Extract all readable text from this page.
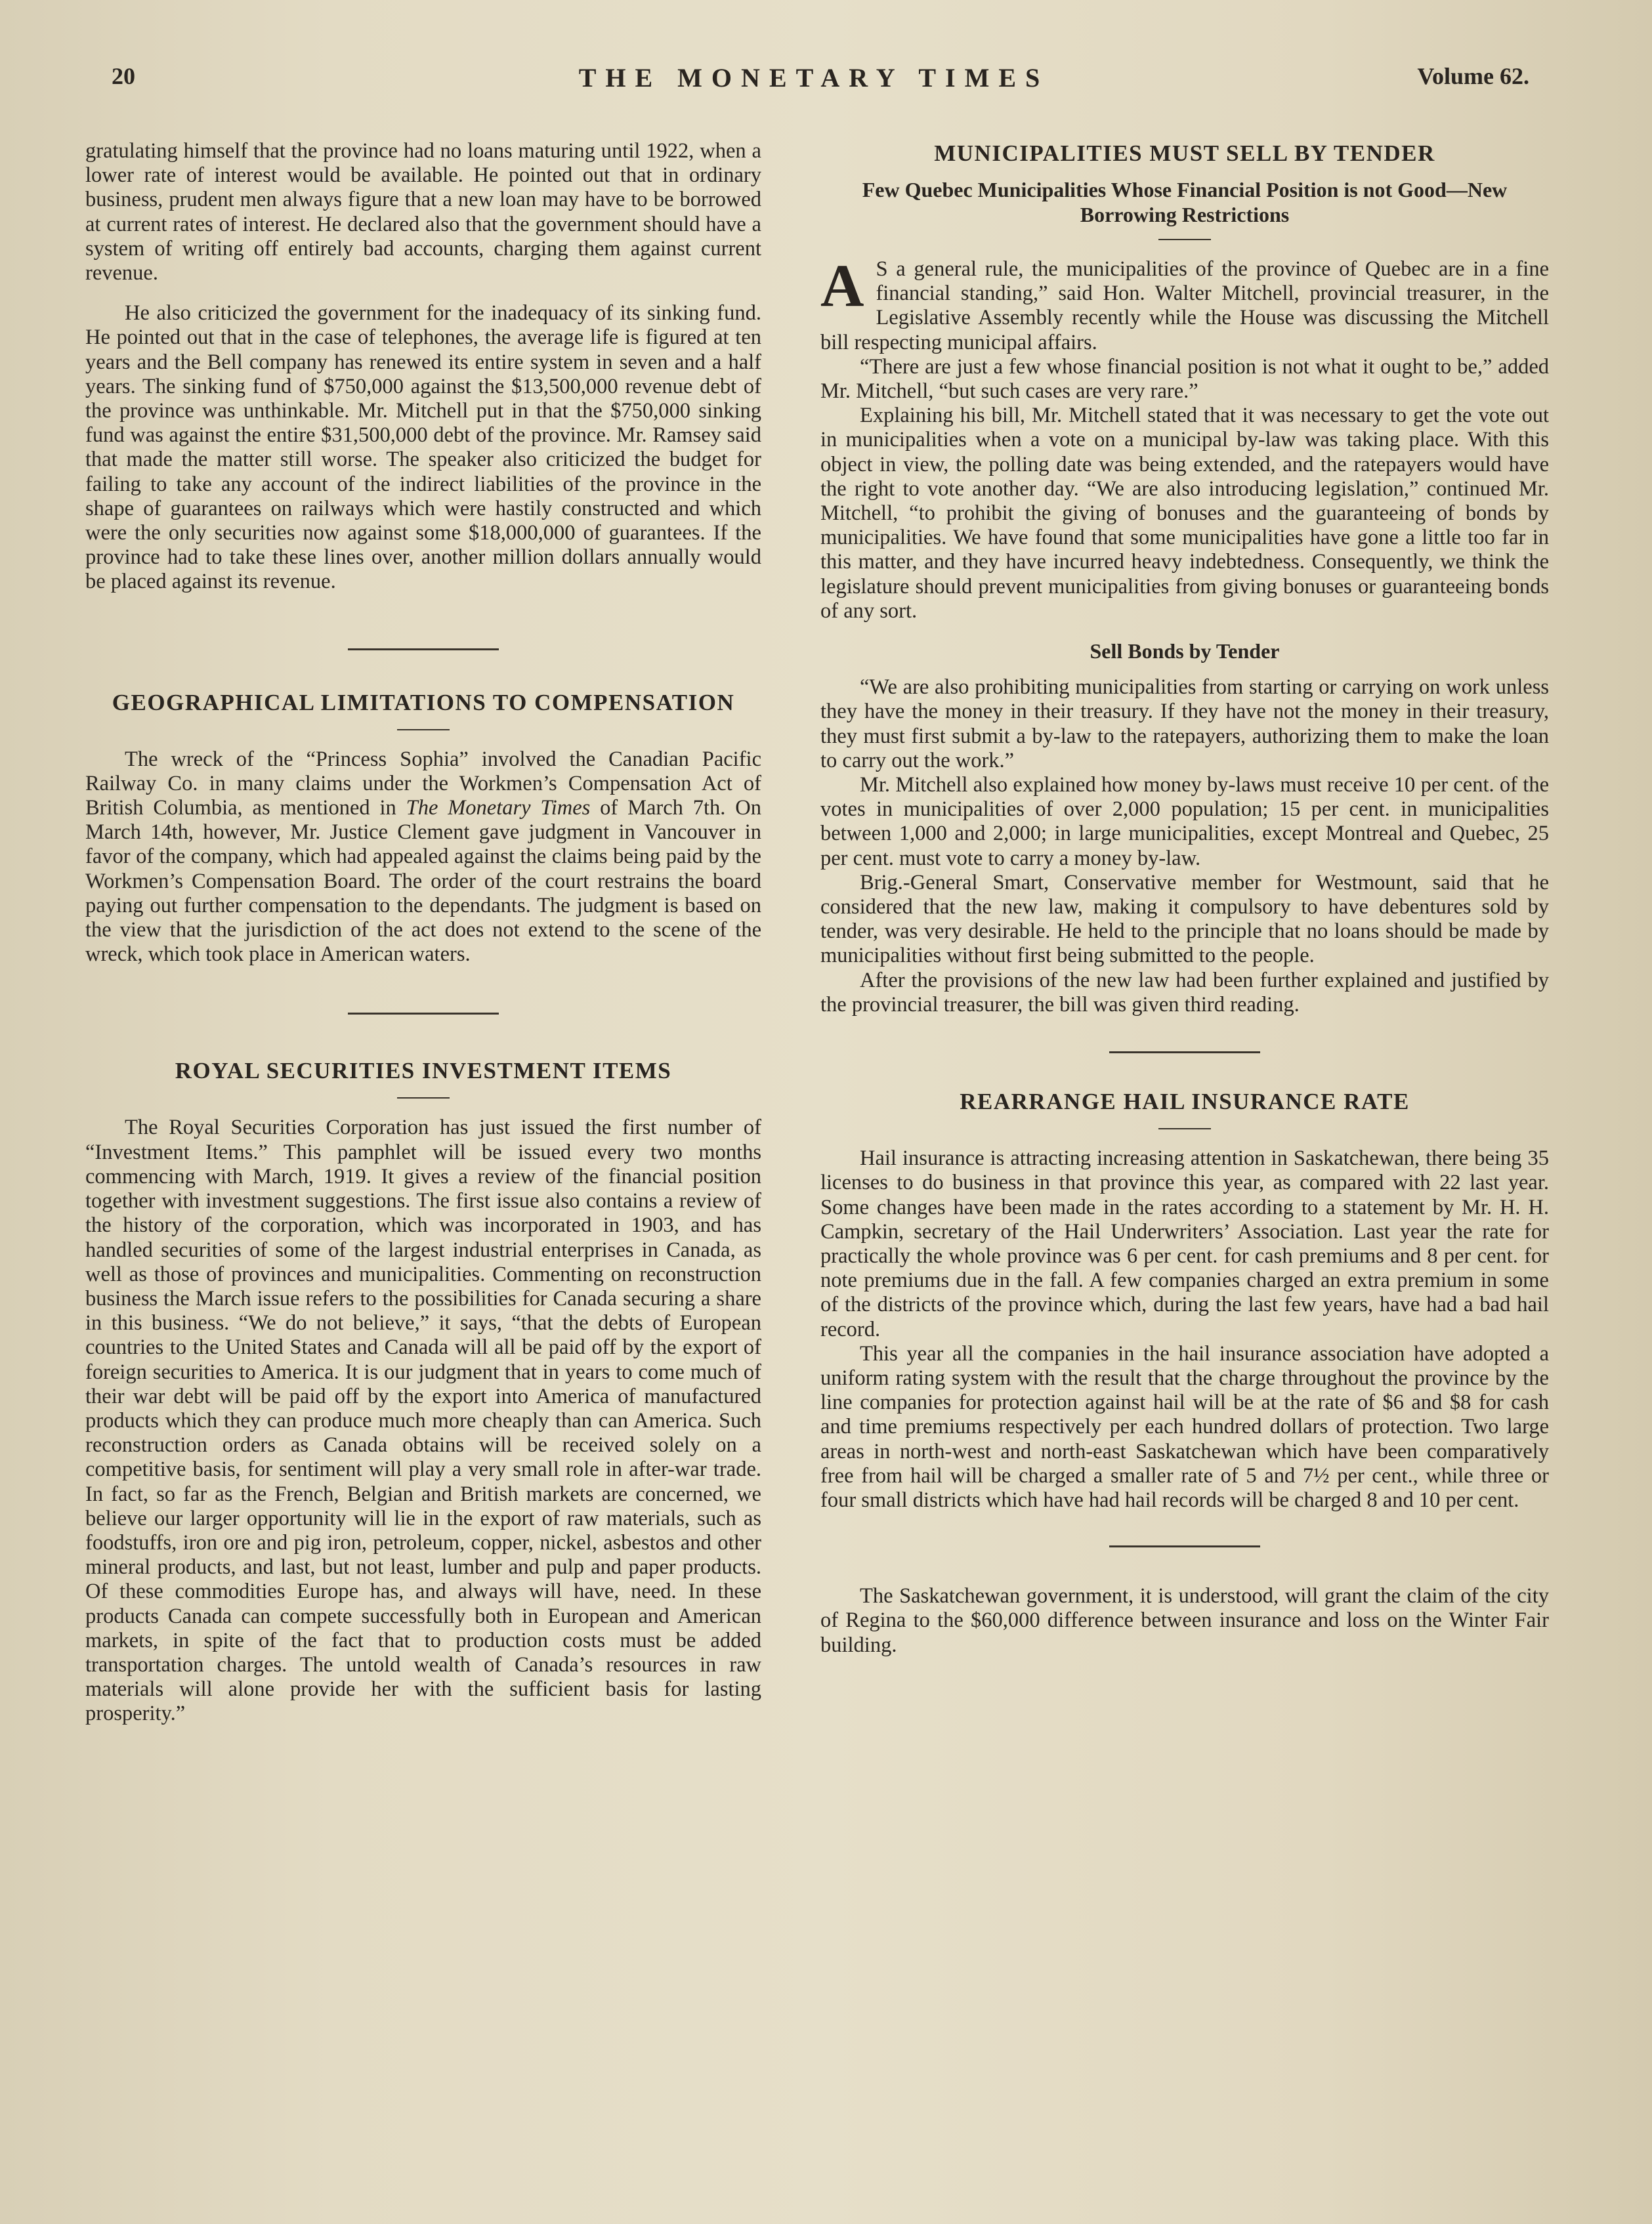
20	THE MONETARY TIMES	Volume 62.

gratulating himself that the province had no loans maturing until 1922, when a lower rate of interest would be available. He pointed out that in ordinary business, prudent men always figure that a new loan may have to be borrowed at current rates of interest. He declared also that the government should have a system of writing off entirely bad accounts, charging them against current revenue.

He also criticized the government for the inadequacy of its sinking fund. He pointed out that in the case of telephones, the average life is figured at ten years and the Bell company has renewed its entire system in seven and a half years. The sinking fund of $750,000 against the $13,500,000 revenue debt of the province was unthinkable. Mr. Mitchell put in that the $750,000 sinking fund was against the entire $31,500,000 debt of the province. Mr. Ramsey said that made the matter still worse. The speaker also criticized the budget for failing to take any account of the indirect liabilities of the province in the shape of guarantees on railways which were hastily constructed and which were the only securities now against some $18,000,000 of guarantees. If the province had to take these lines over, another million dollars annually would be placed against its revenue.

GEOGRAPHICAL LIMITATIONS TO COMPENSATION

The wreck of the “Princess Sophia” involved the Canadian Pacific Railway Co. in many claims under the Workmen’s Compensation Act of British Columbia, as mentioned in The Monetary Times of March 7th. On March 14th, however, Mr. Justice Clement gave judgment in Vancouver in favor of the company, which had appealed against the claims being paid by the Workmen’s Compensation Board. The order of the court restrains the board paying out further compensation to the dependants. The judgment is based on the view that the jurisdiction of the act does not extend to the scene of the wreck, which took place in American waters.

ROYAL SECURITIES INVESTMENT ITEMS

The Royal Securities Corporation has just issued the first number of “Investment Items.” This pamphlet will be issued every two months commencing with March, 1919. It gives a review of the financial position together with investment suggestions. The first issue also contains a review of the history of the corporation, which was incorporated in 1903, and has handled securities of some of the largest industrial enterprises in Canada, as well as those of provinces and municipalities. Commenting on reconstruction business the March issue refers to the possibilities for Canada securing a share in this business. “We do not believe,” it says, “that the debts of European countries to the United States and Canada will all be paid off by the export of foreign securities to America. It is our judgment that in years to come much of their war debt will be paid off by the export into America of manufactured products which they can produce much more cheaply than can America. Such reconstruction orders as Canada obtains will be received solely on a competitive basis, for sentiment will play a very small role in after-war trade. In fact, so far as the French, Belgian and British markets are concerned, we believe our larger opportunity will lie in the export of raw materials, such as foodstuffs, iron ore and pig iron, petroleum, copper, nickel, asbestos and other mineral products, and last, but not least, lumber and pulp and paper products. Of these commodities Europe has, and always will have, need. In these products Canada can compete successfully both in European and American markets, in spite of the fact that to production costs must be added transportation charges. The untold wealth of Canada’s resources in raw materials will alone provide her with the sufficient basis for lasting prosperity.”

MUNICIPALITIES MUST SELL BY TENDER
Few Quebec Municipalities Whose Financial Position is not Good—New Borrowing Restrictions

A S a general rule, the municipalities of the province of Quebec are in a fine financial standing,” said Hon. Walter Mitchell, provincial treasurer, in the Legislative Assembly recently while the House was discussing the Mitchell bill respecting municipal affairs.

“There are just a few whose financial position is not what it ought to be,” added Mr. Mitchell, “but such cases are very rare.”

Explaining his bill, Mr. Mitchell stated that it was necessary to get the vote out in municipalities when a vote on a municipal by-law was taking place. With this object in view, the polling date was being extended, and the ratepayers would have the right to vote another day. “We are also introducing legislation,” continued Mr. Mitchell, “to prohibit the giving of bonuses and the guaranteeing of bonds by municipalities. We have found that some municipalities have gone a little too far in this matter, and they have incurred heavy indebtedness. Consequently, we think the legislature should prevent municipalities from giving bonuses or guaranteeing bonds of any sort.

Sell Bonds by Tender

“We are also prohibiting municipalities from starting or carrying on work unless they have the money in their treasury. If they have not the money in their treasury, they must first submit a by-law to the ratepayers, authorizing them to make the loan to carry out the work.”

Mr. Mitchell also explained how money by-laws must receive 10 per cent. of the votes in municipalities of over 2,000 population; 15 per cent. in municipalities between 1,000 and 2,000; in large municipalities, except Montreal and Quebec, 25 per cent. must vote to carry a money by-law.

Brig.-General Smart, Conservative member for Westmount, said that he considered that the new law, making it compulsory to have debentures sold by tender, was very desirable. He held to the principle that no loans should be made by municipalities without first being submitted to the people.

After the provisions of the new law had been further explained and justified by the provincial treasurer, the bill was given third reading.

REARRANGE HAIL INSURANCE RATE

Hail insurance is attracting increasing attention in Saskatchewan, there being 35 licenses to do business in that province this year, as compared with 22 last year. Some changes have been made in the rates according to a statement by Mr. H. H. Campkin, secretary of the Hail Underwriters’ Association. Last year the rate for practically the whole province was 6 per cent. for cash premiums and 8 per cent. for note premiums due in the fall. A few companies charged an extra premium in some of the districts of the province which, during the last few years, have had a bad hail record.

This year all the companies in the hail insurance association have adopted a uniform rating system with the result that the charge throughout the province by the line companies for protection against hail will be at the rate of $6 and $8 for cash and time premiums respectively per each hundred dollars of protection. Two large areas in north-west and north-east Saskatchewan which have been comparatively free from hail will be charged a smaller rate of 5 and 7½ per cent., while three or four small districts which have had hail records will be charged 8 and 10 per cent.

The Saskatchewan government, it is understood, will grant the claim of the city of Regina to the $60,000 difference between insurance and loss on the Winter Fair building.
